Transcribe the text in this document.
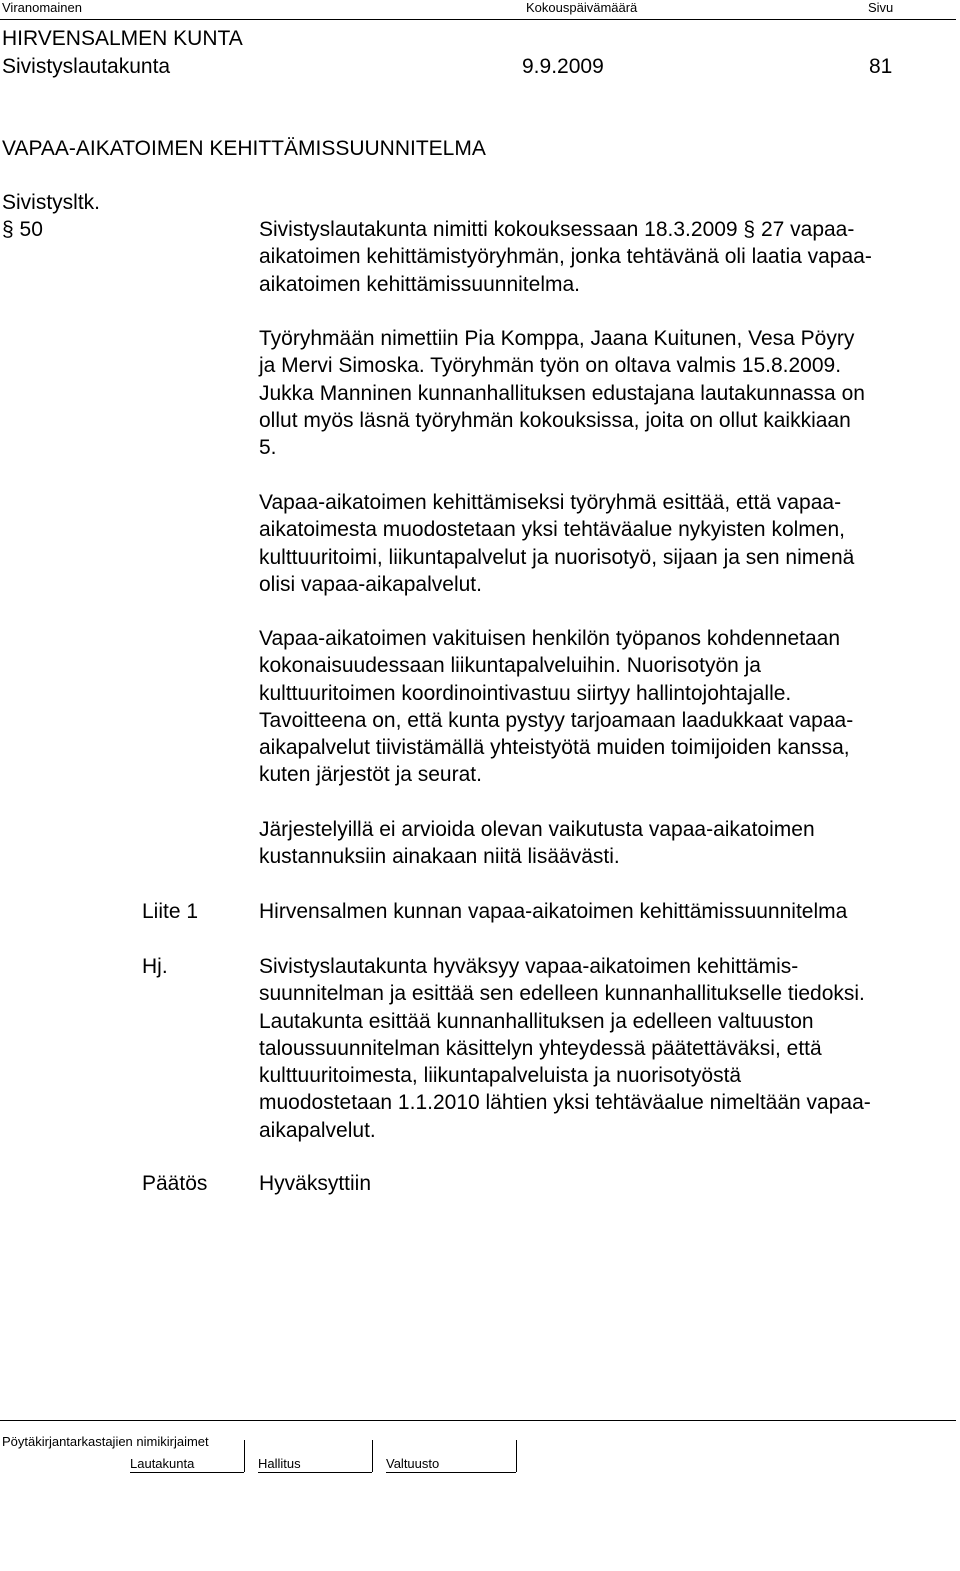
Viranomainen	Kokouspäivämäärä	Sivu
HIRVENSALMEN KUNTA
Sivistyslautakunta	9.9.2009	81
VAPAA-AIKATOIMEN KEHITTÄMISSUUNNITELMA
Sivistysltk.
§ 50	Sivistyslautakunta nimitti kokouksessaan 18.3.2009 § 27 vapaa-

aikatoimen kehittämistyöryhmän, jonka tehtävänä oli laatia vapaa-

aikatoimen kehittämissuunnitelma.

Työryhmään nimettiin Pia Komppa, Jaana Kuitunen, Vesa Pöyry

ja Mervi Simoska. Työryhmän työn on oltava valmis 15.8.2009.

Jukka Manninen kunnanhallituksen edustajana lautakunnassa on

ollut myös läsnä työryhmän kokouksissa, joita on ollut kaikkiaan

5.

Vapaa-aikatoimen kehittämiseksi työryhmä esittää, että vapaa-

aikatoimesta muodostetaan yksi tehtäväalue nykyisten kolmen,

kulttuuritoimi, liikuntapalvelut ja nuorisotyö, sijaan ja sen nimenä

olisi vapaa-aikapalvelut.

Vapaa-aikatoimen vakituisen henkilön työpanos kohdennetaan

kokonaisuudessaan liikuntapalveluihin. Nuorisotyön ja

kulttuuritoimen koordinointivastuu siirtyy hallintojohtajalle.

Tavoitteena on, että kunta pystyy tarjoamaan laadukkaat vapaa-

aikapalvelut tiivistämällä yhteistyötä muiden toimijoiden kanssa,

kuten järjestöt ja seurat.

Järjestelyillä ei arvioida olevan vaikutusta vapaa-aikatoimen

kustannuksiin ainakaan niitä lisäävästi.

Liite 1	Hirvensalmen kunnan vapaa-aikatoimen kehittämissuunnitelma
Hj.	Sivistyslautakunta hyväksyy vapaa-aikatoimen kehittämis-

suunnitelman ja esittää sen edelleen kunnanhallitukselle tiedoksi.

Lautakunta esittää kunnanhallituksen ja edelleen valtuuston

taloussuunnitelman käsittelyn yhteydessä päätettäväksi, että

kulttuuritoimesta, liikuntapalveluista ja nuorisotyöstä

muodostetaan 1.1.2010 lähtien yksi tehtäväalue nimeltään vapaa-

aikapalvelut.

Päätös Hyväksyttiin
Pöytäkirjantarkastajien nimikirjaimet
Lautakunta	Hallitus	Valtuusto
